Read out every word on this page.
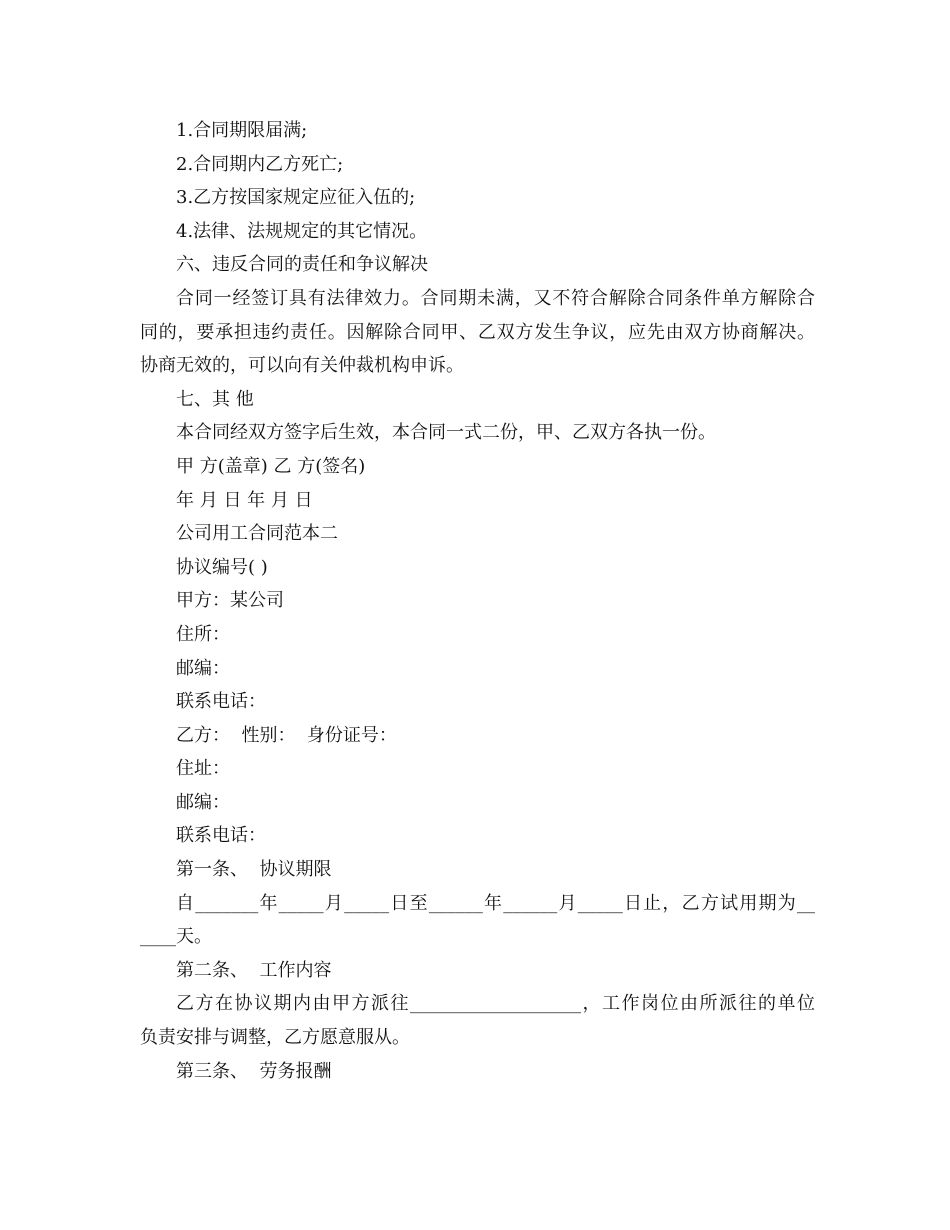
1.合同期限届满;

2.合同期内乙方死亡;

3.乙方按国家规定应征入伍的;

4.法律、法规规定的其它情况。

六、违反合同的责任和争议解决

合同一经签订具有法律效力。合同期未满，又不符合解除合同条件单方解除合

同的，要承担违约责任。因解除合同甲、乙双方发生争议，应先由双方协商解决。

协商无效的，可以向有关仲裁机构申诉。

七、其 他

本合同经双方签字后生效，本合同一式二份，甲、乙双方各执一份。

甲 方(盖章) 乙 方(签名)

年 月 日 年 月 日

公司用工合同范本二

协议编号( )

甲方：某公司

住所：

邮编：

联系电话：

乙方：  性别：  身份证号：

住址：

邮编：

联系电话：

第一条、  协议期限

自_______年_____月_____日至______年______月_____日止，乙方试用期为__

____天。

第二条、  工作内容

乙方在协议期内由甲方派往___________________，工作岗位由所派往的单位

负责安排与调整，乙方愿意服从。

第三条、  劳务报酬
